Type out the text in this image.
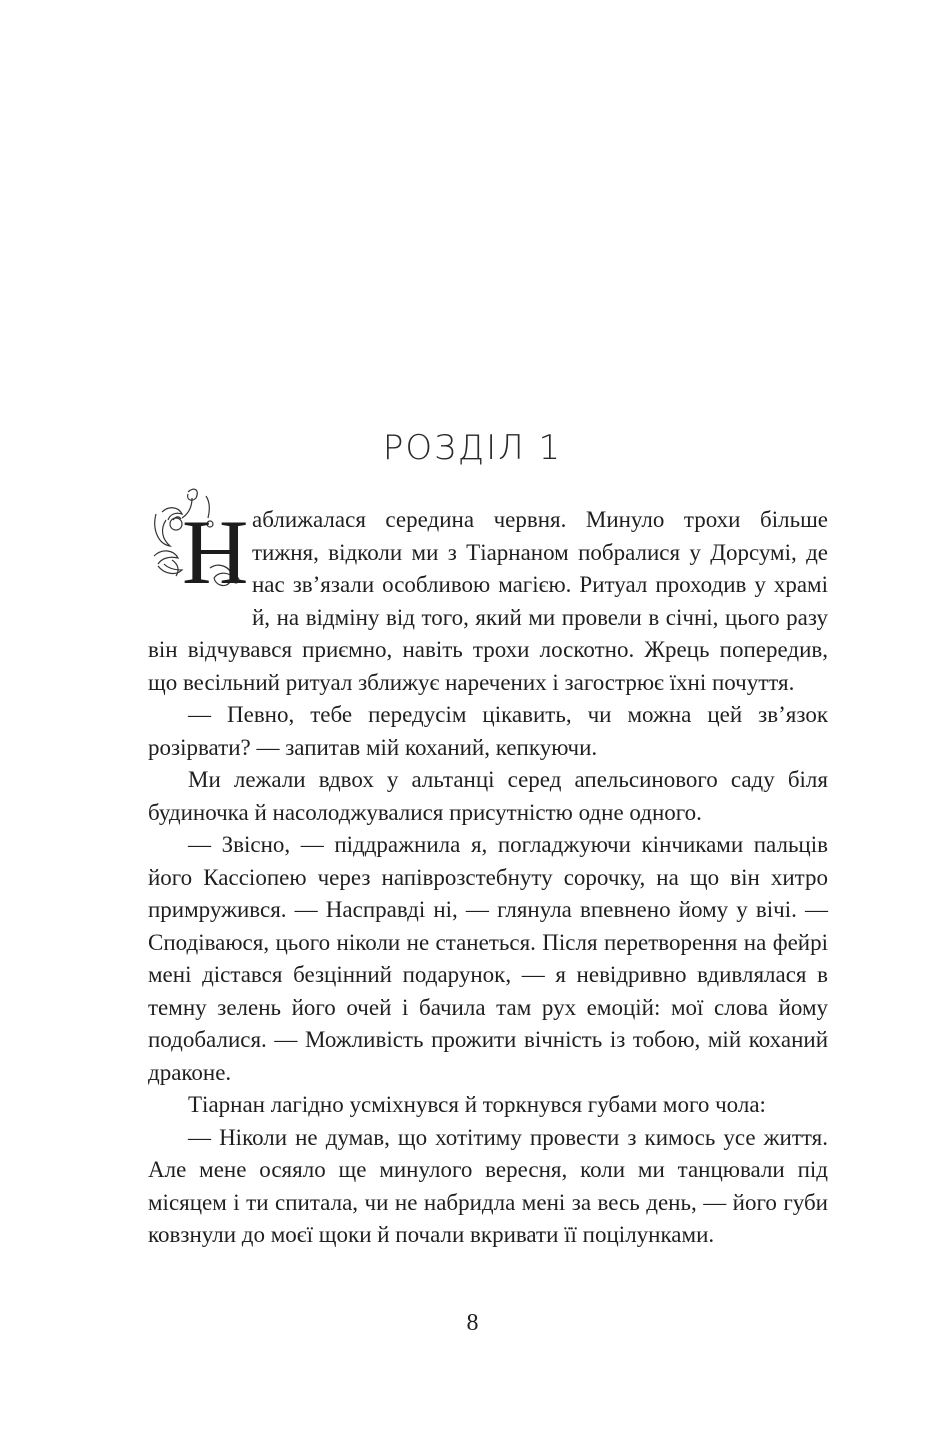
РОЗДІЛ 1

Н аближалася середина червня. Минуло трохи більше тижня, відколи ми з Тіарнаном побралися у Дорсумі, де нас зв’язали особливою магією. Ритуал проходив у храмі й, на відміну від того, який ми провели в січні, цього разу він відчувався приємно, навіть трохи лоскотно. Жрець попередив, що весільний ритуал зближує наречених і загострює їхні почуття.

— Певно, тебе передусім цікавить, чи можна цей зв’язок розірвати? — запитав мій коханий, кепкуючи.

Ми лежали вдвох у альтанці серед апельсинового саду біля будиночка й насолоджувалися присутністю одне одного.

— Звісно, — піддражнила я, погладжуючи кінчиками пальців його Кассіопею через напіврозстебнуту сорочку, на що він хитро примружився. — Насправді ні, — глянула впевнено йому у вічі. — Сподіваюся, цього ніколи не станеться. Після перетворення на фейрі мені дістався безцінний подарунок, — я невідривно вдивлялася в темну зелень його очей і бачила там рух емоцій: мої слова йому подобалися. — Можливість прожити вічність із тобою, мій коханий драконе.

Тіарнан лагідно усміхнувся й торкнувся губами мого чола:

— Ніколи не думав, що хотітиму провести з кимось усе життя. Але мене осяяло ще минулого вересня, коли ми танцювали під місяцем і ти спитала, чи не набридла мені за весь день, — його губи ковзнули до моєї щоки й почали вкривати її поцілунками.

8
